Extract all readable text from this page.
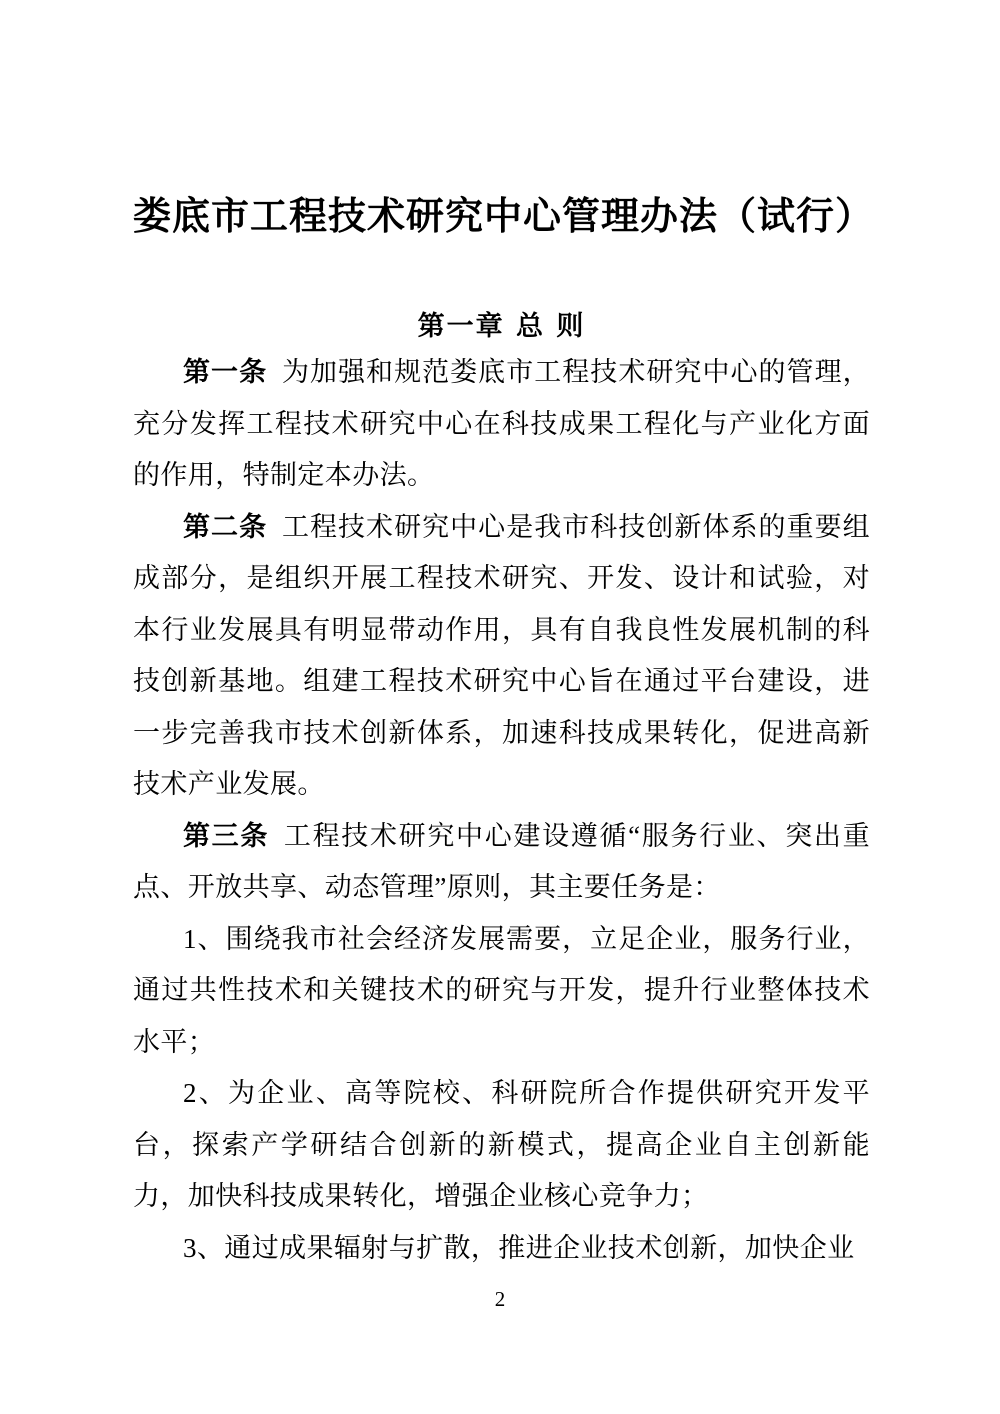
娄底市工程技术研究中心管理办法（试行）
第一章 总 则

第一条 为加强和规范娄底市工程技术研究中心的管理，充分发挥工程技术研究中心在科技成果工程化与产业化方面的作用，特制定本办法。

第二条 工程技术研究中心是我市科技创新体系的重要组成部分，是组织开展工程技术研究、开发、设计和试验，对本行业发展具有明显带动作用，具有自我良性发展机制的科技创新基地。组建工程技术研究中心旨在通过平台建设，进一步完善我市技术创新体系，加速科技成果转化，促进高新技术产业发展。

第三条 工程技术研究中心建设遵循“服务行业、突出重点、开放共享、动态管理”原则，其主要任务是：

1、围绕我市社会经济发展需要，立足企业，服务行业，通过共性技术和关键技术的研究与开发，提升行业整体技术水平；

2、为企业、高等院校、科研院所合作提供研究开发平台，探索产学研结合创新的新模式，提高企业自主创新能力，加快科技成果转化，增强企业核心竞争力；

3、通过成果辐射与扩散，推进企业技术创新，加快企业

2
